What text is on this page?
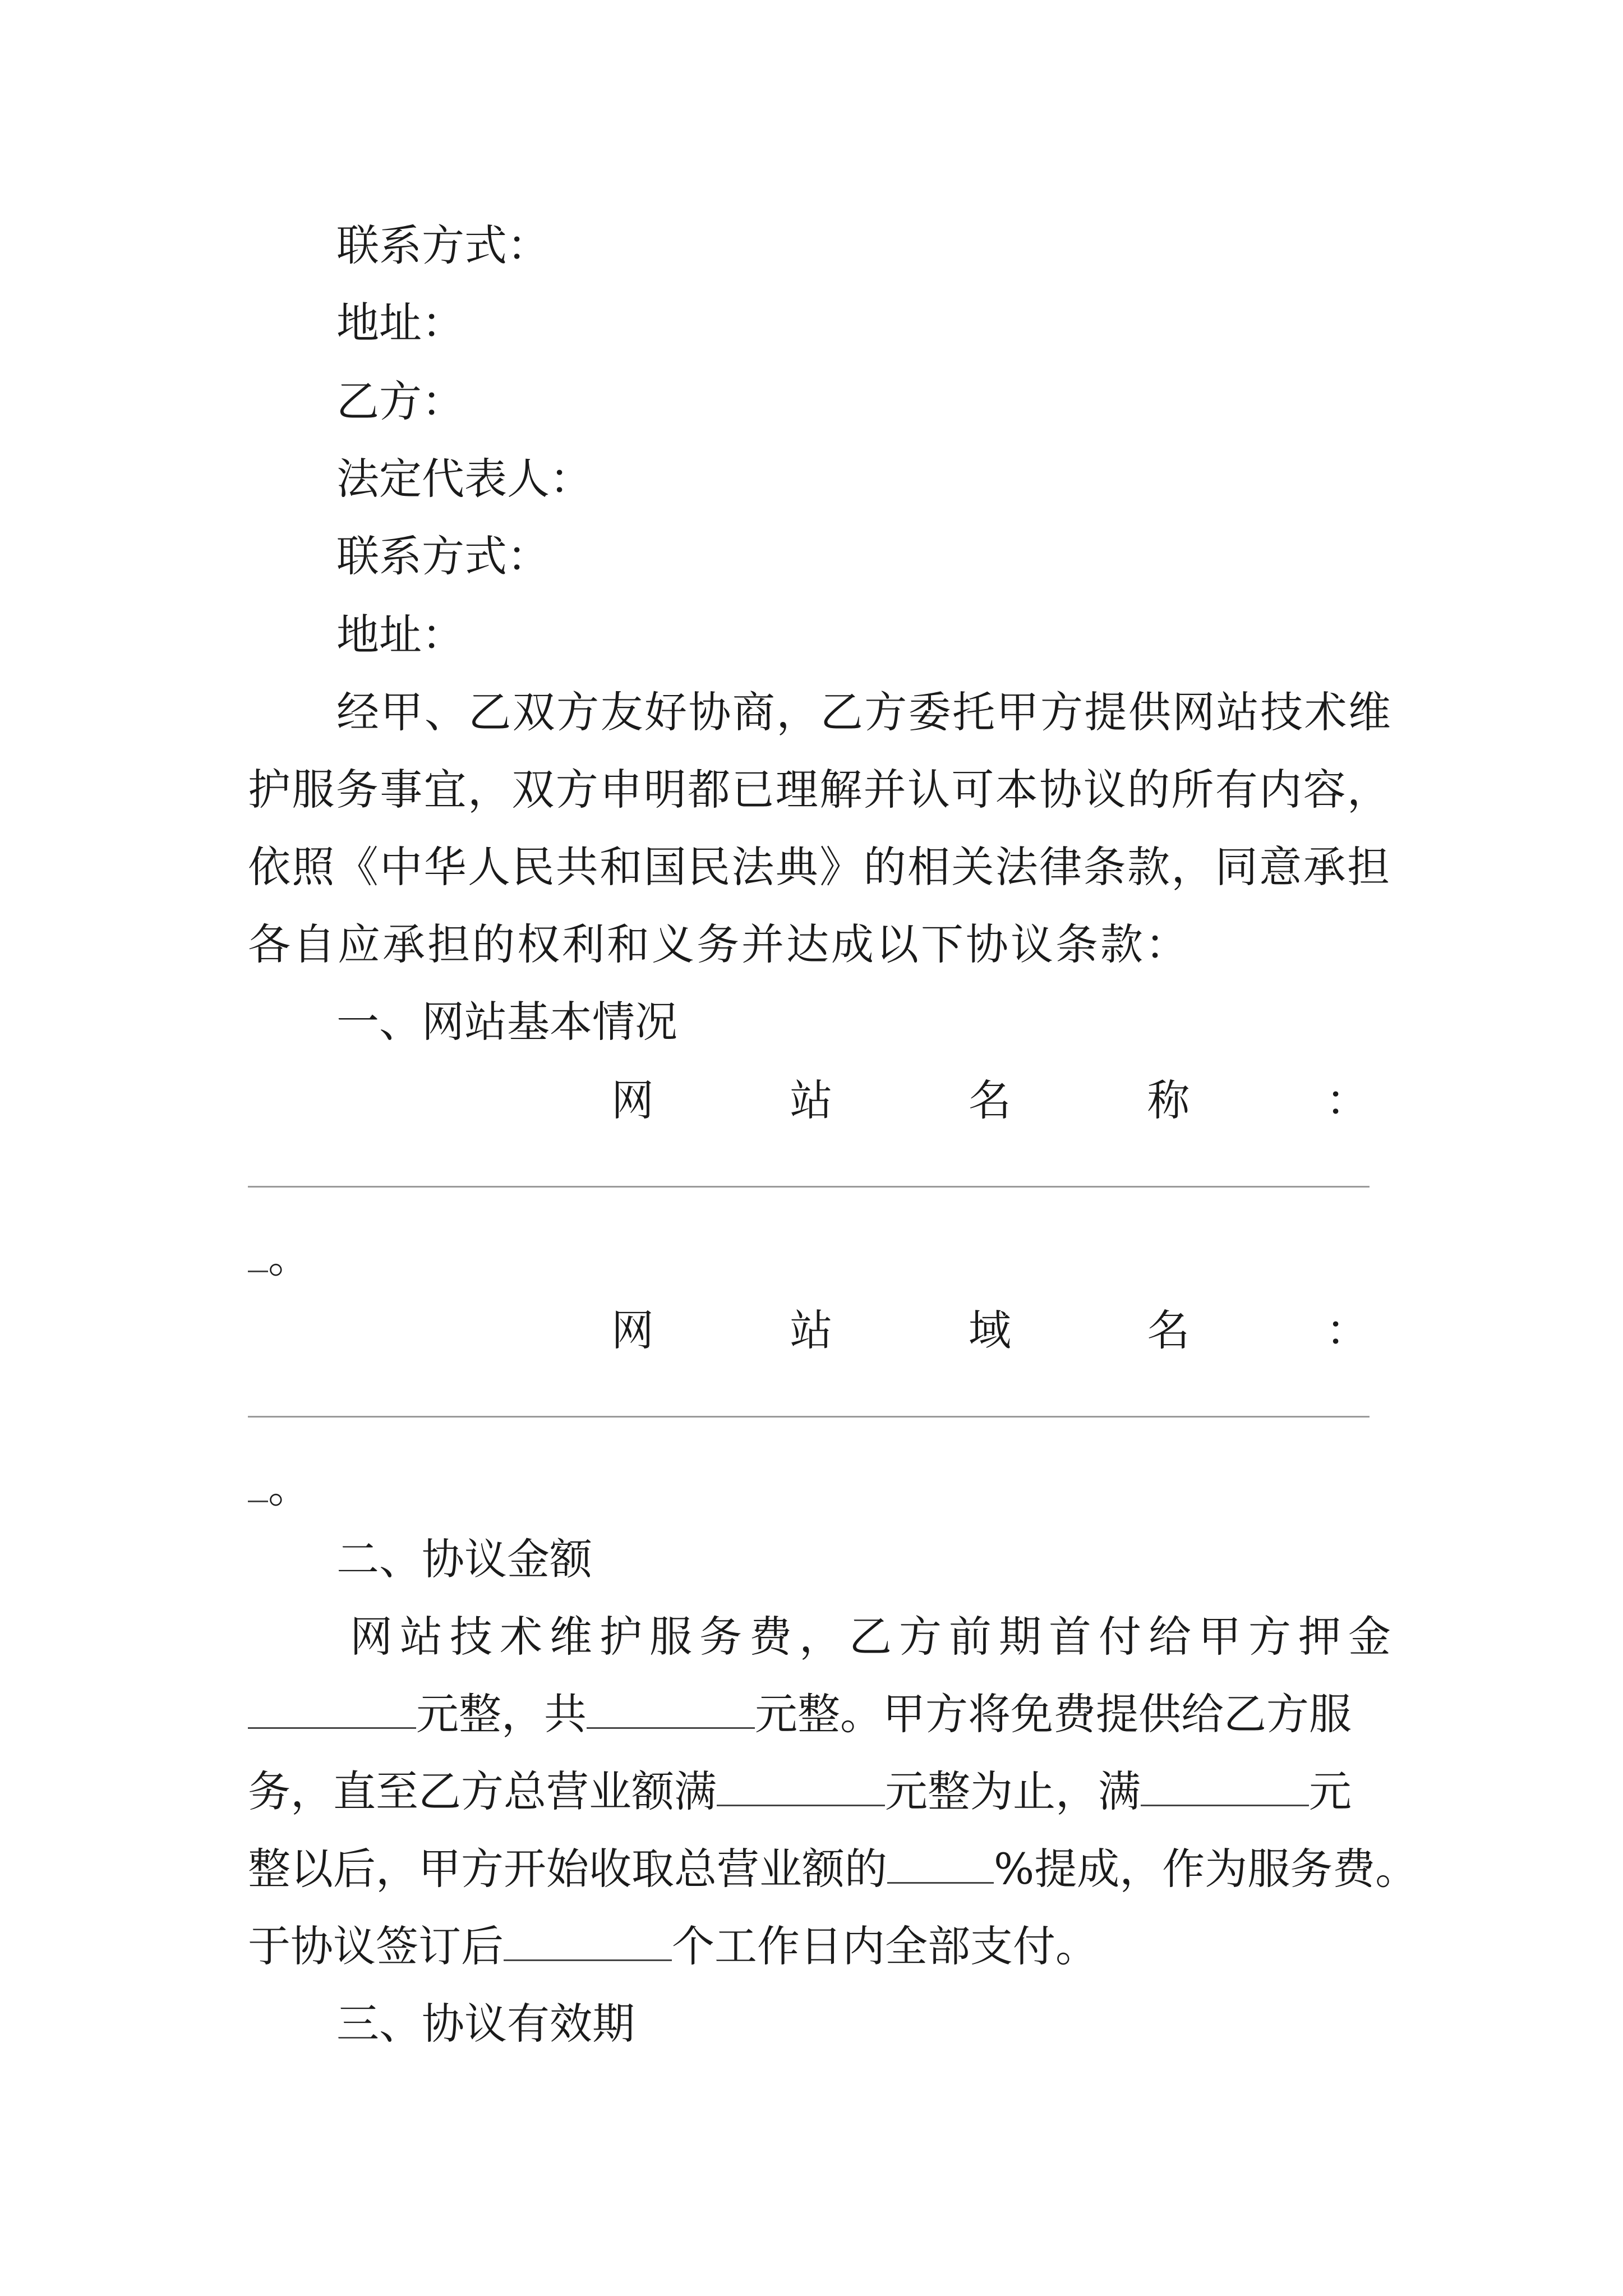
联系方式：
地址：
乙方：
法定代表人：
联系方式：
地址：
经甲、乙双方友好协商，乙方委托甲方提供网站技术维
护服务事宜，双方申明都已理解并认可本协议的所有内容，
依照《中华人民共和国民法典》的相关法律条款，同意承担
各自应承担的权利和义务并达成以下协议条款：
一、网站基本情况
网	站	名	称	：
。
网	站	域	名	：
。
二、协议金额
网站技术维护服务费，乙方前期首付给甲方押金
元整，共	元整。甲方将免费提供给乙方服
务，直至乙方总营业额满	元整为止，满	元
整以后，甲方开始收取总营业额的	%提成，作为服务费。
于协议签订后	个工作日内全部支付。
三、协议有效期
